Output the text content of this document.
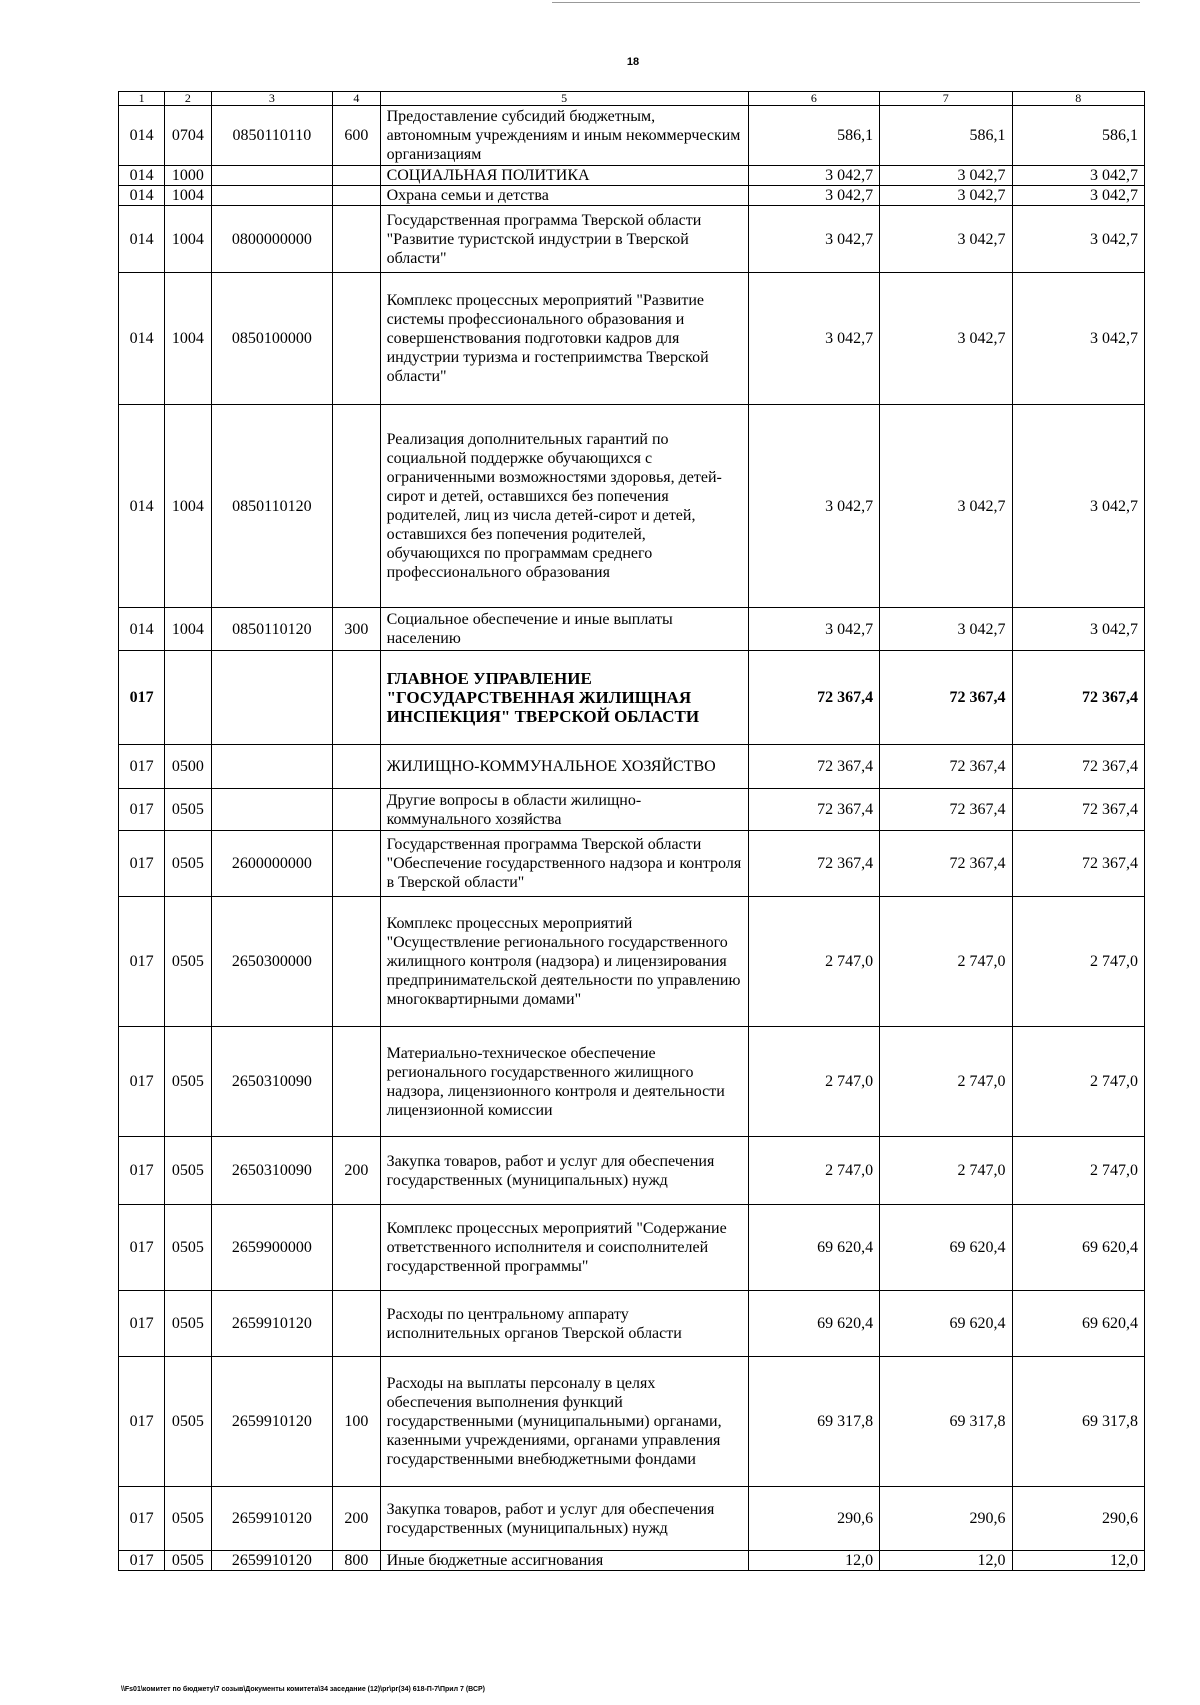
18
1	2	3	4	5	6	7	8
014	0704	0850110110	600	Предоставление субсидий бюджетным, автономным учреждениям и иным некоммерческим организациям	586,1	586,1	586,1
014	1000			СОЦИАЛЬНАЯ ПОЛИТИКА	3 042,7	3 042,7	3 042,7
014	1004			Охрана семьи и детства	3 042,7	3 042,7	3 042,7
014	1004	0800000000		Государственная программа Тверской области "Развитие туристской индустрии в Тверской области"	3 042,7	3 042,7	3 042,7
014	1004	0850100000		Комплекс процессных мероприятий "Развитие системы профессионального образования и совершенствования подготовки кадров для индустрии туризма и гостеприимства Тверской области"	3 042,7	3 042,7	3 042,7
014	1004	0850110120		Реализация дополнительных гарантий по социальной поддержке обучающихся с ограниченными возможностями здоровья, детей-сирот и детей, оставшихся без попечения родителей, лиц из числа детей-сирот и детей, оставшихся без попечения родителей, обучающихся по программам среднего профессионального образования	3 042,7	3 042,7	3 042,7
014	1004	0850110120	300	Социальное обеспечение и иные выплаты населению	3 042,7	3 042,7	3 042,7
017				ГЛАВНОЕ УПРАВЛЕНИЕ "ГОСУДАРСТВЕННАЯ ЖИЛИЩНАЯ ИНСПЕКЦИЯ" ТВЕРСКОЙ ОБЛАСТИ	72 367,4	72 367,4	72 367,4
017	0500			ЖИЛИЩНО-КОММУНАЛЬНОЕ ХОЗЯЙСТВО	72 367,4	72 367,4	72 367,4
017	0505			Другие вопросы в области жилищно-коммунального хозяйства	72 367,4	72 367,4	72 367,4
017	0505	2600000000		Государственная программа Тверской области "Обеспечение государственного надзора и контроля в Тверской области"	72 367,4	72 367,4	72 367,4
017	0505	2650300000		Комплекс процессных мероприятий "Осуществление регионального государственного жилищного контроля (надзора) и лицензирования предпринимательской деятельности по управлению многоквартирными домами"	2 747,0	2 747,0	2 747,0
017	0505	2650310090		Материально-техническое обеспечение регионального государственного жилищного надзора, лицензионного контроля и деятельности лицензионной комиссии	2 747,0	2 747,0	2 747,0
017	0505	2650310090	200	Закупка товаров, работ и услуг для обеспечения государственных (муниципальных) нужд	2 747,0	2 747,0	2 747,0
017	0505	2659900000		Комплекс процессных мероприятий "Содержание ответственного исполнителя и соисполнителей государственной программы"	69 620,4	69 620,4	69 620,4
017	0505	2659910120		Расходы по центральному аппарату исполнительных органов Тверской области	69 620,4	69 620,4	69 620,4
017	0505	2659910120	100	Расходы на выплаты персоналу в целях обеспечения выполнения функций государственными (муниципальными) органами, казенными учреждениями, органами управления государственными внебюджетными фондами	69 317,8	69 317,8	69 317,8
017	0505	2659910120	200	Закупка товаров, работ и услуг для обеспечения государственных (муниципальных) нужд	290,6	290,6	290,6
017	0505	2659910120	800	Иные бюджетные ассигнования	12,0	12,0	12,0
\\Fs01\комитет по бюджету\7 созыв\Документы комитета\34 заседание (12)\рг\рг(34) 618-П-7\Прил 7 (ВСР)
